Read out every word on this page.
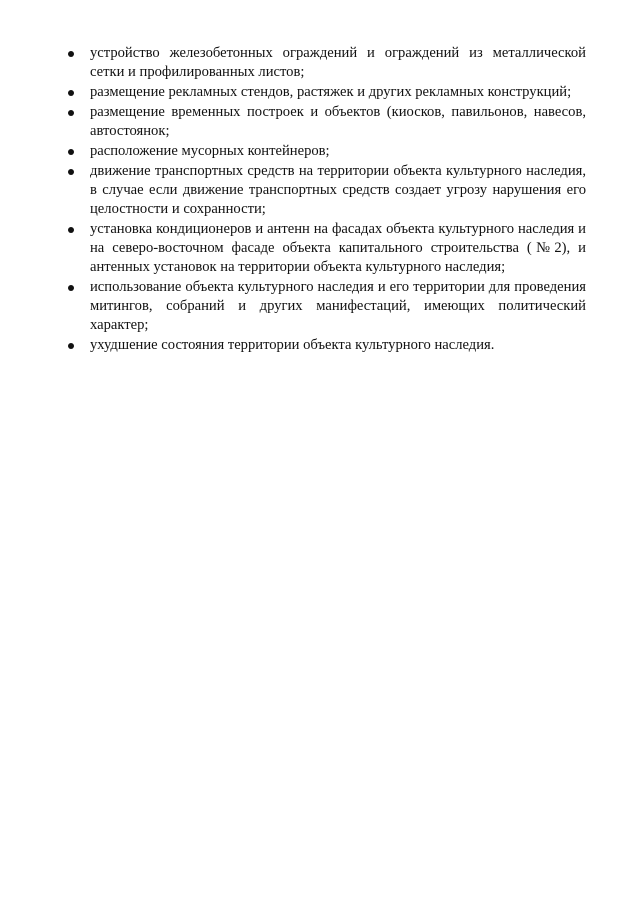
устройство железобетонных ограждений и ограждений из металлической сетки и профилированных листов;
размещение рекламных стендов, растяжек и других рекламных конструкций;
размещение временных построек и объектов (киосков, павильонов, навесов, автостоянок;
расположение мусорных контейнеров;
движение транспортных средств на территории объекта культурного наследия, в случае если движение транспортных средств создает угрозу нарушения его целостности и сохранности;
установка кондиционеров и антенн на фасадах объекта культурного наследия и на северо-восточном фасаде объекта капитального строительства (№2), и антенных установок на территории объекта культурного наследия;
использование объекта культурного наследия и его территории для проведения митингов, собраний и других манифестаций, имеющих политический характер;
ухудшение состояния территории объекта культурного наследия.
